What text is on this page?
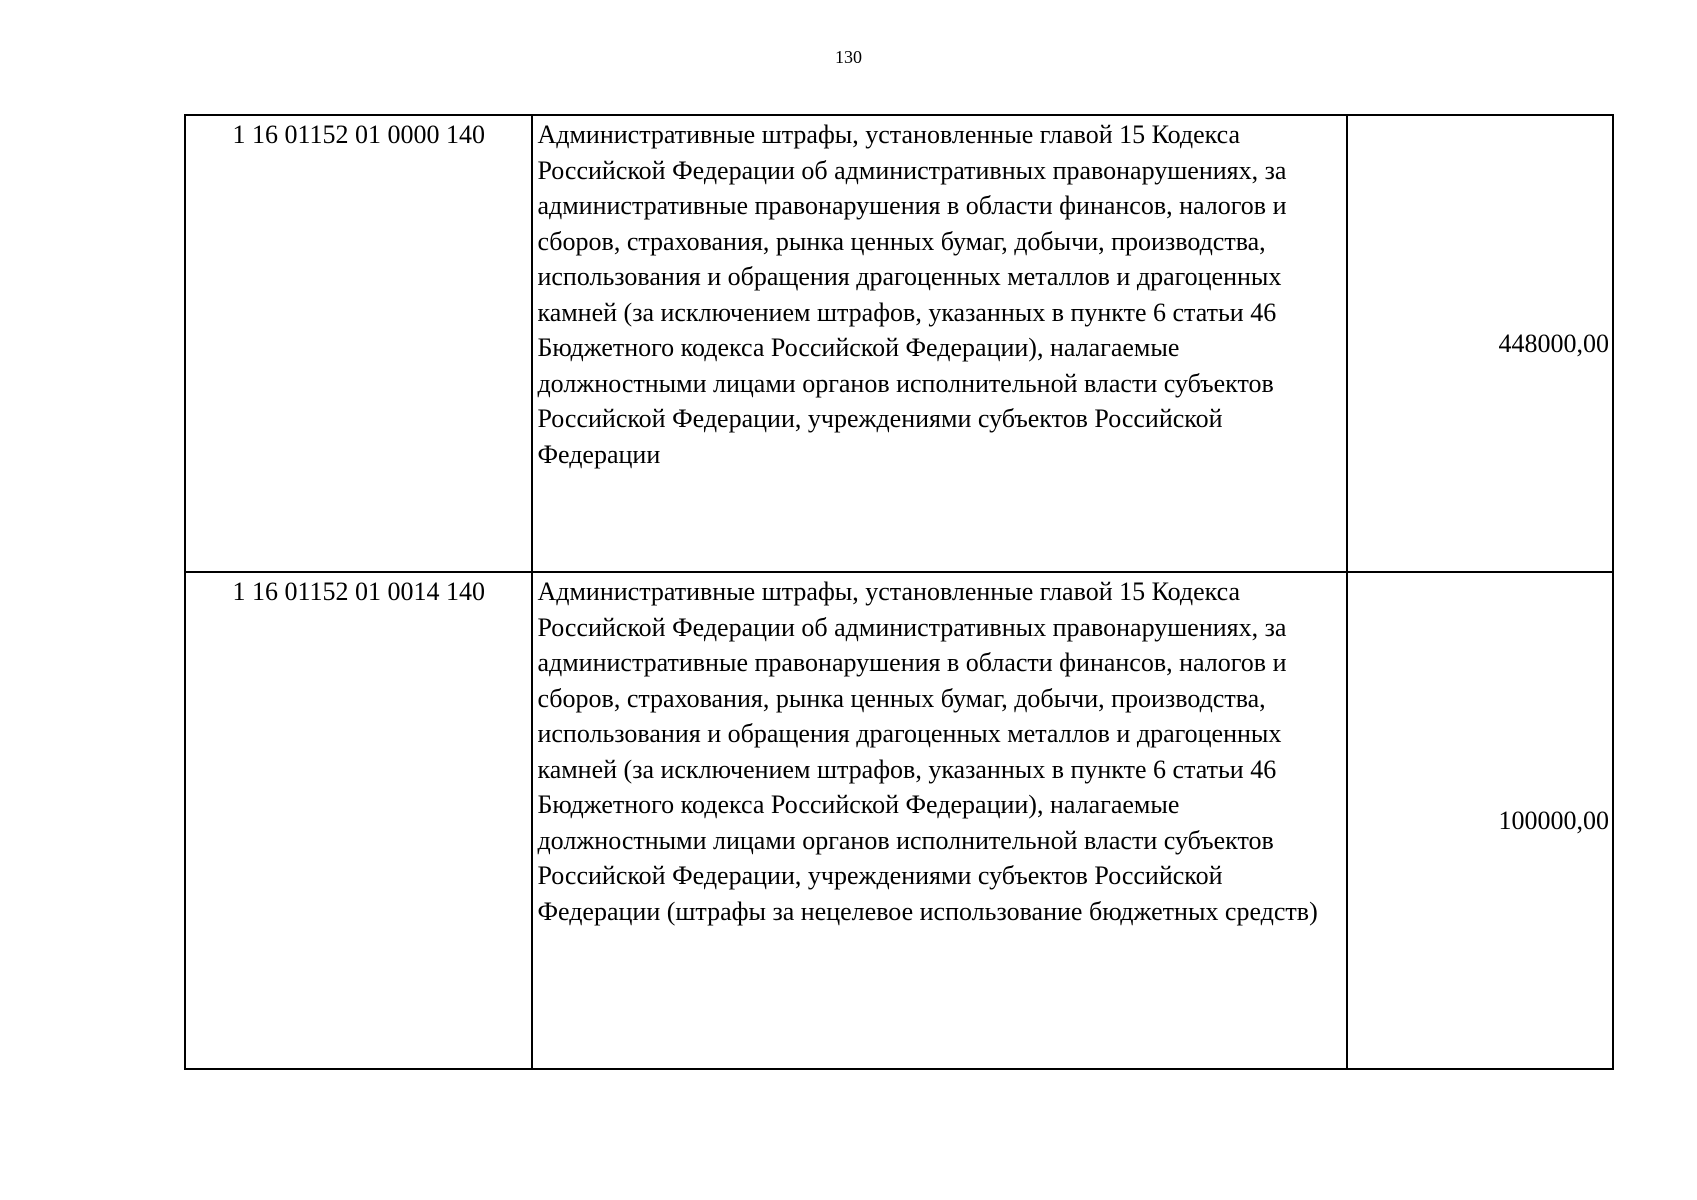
130
1 16 01152 01 0000 140	Административные штрафы, установленные главой 15 Кодекса Российской Федерации об административных правонарушениях, за административные правонарушения в области финансов, налогов и сборов, страхования, рынка ценных бумаг, добычи, производства, использования и обращения драгоценных металлов и драгоценных камней (за исключением штрафов, указанных в пункте 6 статьи 46 Бюджетного кодекса Российской Федерации), налагаемые должностными лицами органов исполнительной власти субъектов Российской Федерации, учреждениями субъектов Российской Федерации	448000,00
1 16 01152 01 0014 140	Административные штрафы, установленные главой 15 Кодекса Российской Федерации об административных правонарушениях, за административные правонарушения в области финансов, налогов и сборов, страхования, рынка ценных бумаг, добычи, производства, использования и обращения драгоценных металлов и драгоценных камней (за исключением штрафов, указанных в пункте 6 статьи 46 Бюджетного кодекса Российской Федерации), налагаемые должностными лицами органов исполнительной власти субъектов Российской Федерации, учреждениями субъектов Российской Федерации (штрафы за нецелевое использование бюджетных средств)	100000,00
